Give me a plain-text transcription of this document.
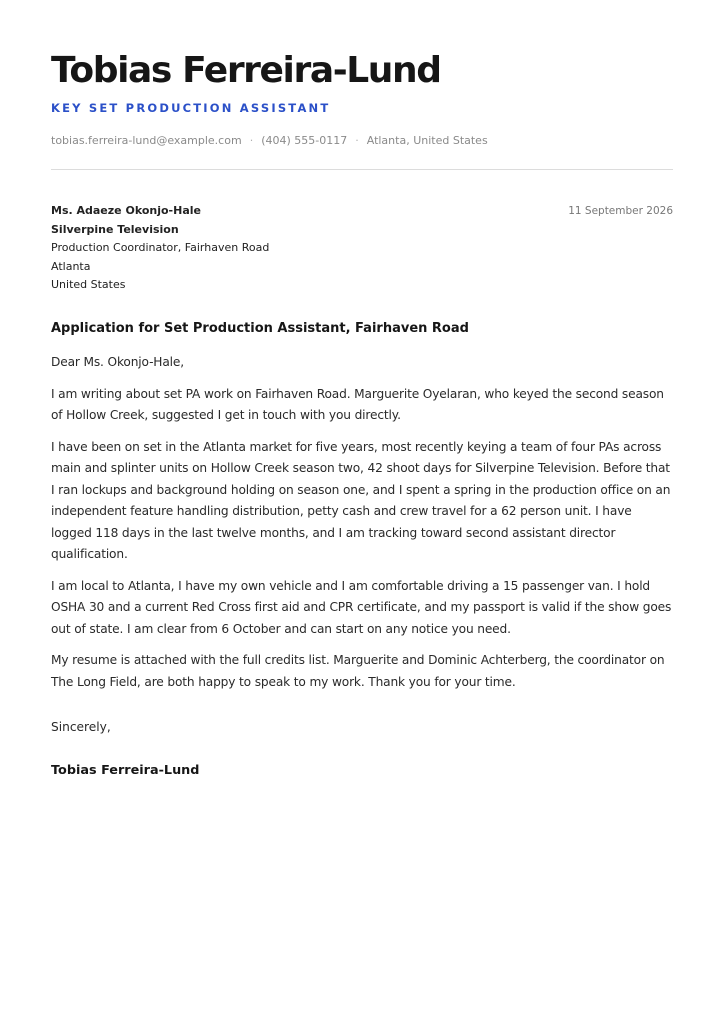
Tobias Ferreira-Lund
KEY SET PRODUCTION ASSISTANT
tobias.ferreira-lund@example.com · (404) 555-0117 · Atlanta, United States
Ms. Adaeze Okonjo-Hale
Silverpine Television
Production Coordinator, Fairhaven Road
Atlanta
United States
11 September 2026
Application for Set Production Assistant, Fairhaven Road

Dear Ms. Okonjo-Hale,

I am writing about set PA work on Fairhaven Road. Marguerite Oyelaran, who keyed the second season of Hollow Creek, suggested I get in touch with you directly.

I have been on set in the Atlanta market for five years, most recently keying a team of four PAs across main and splinter units on Hollow Creek season two, 42 shoot days for Silverpine Television. Before that I ran lockups and background holding on season one, and I spent a spring in the production office on an independent feature handling distribution, petty cash and crew travel for a 62 person unit. I have logged 118 days in the last twelve months, and I am tracking toward second assistant director qualification.

I am local to Atlanta, I have my own vehicle and I am comfortable driving a 15 passenger van. I hold OSHA 30 and a current Red Cross first aid and CPR certificate, and my passport is valid if the show goes out of state. I am clear from 6 October and can start on any notice you need.

My resume is attached with the full credits list. Marguerite and Dominic Achterberg, the coordinator on The Long Field, are both happy to speak to my work. Thank you for your time.

Sincerely,
Tobias Ferreira-Lund
